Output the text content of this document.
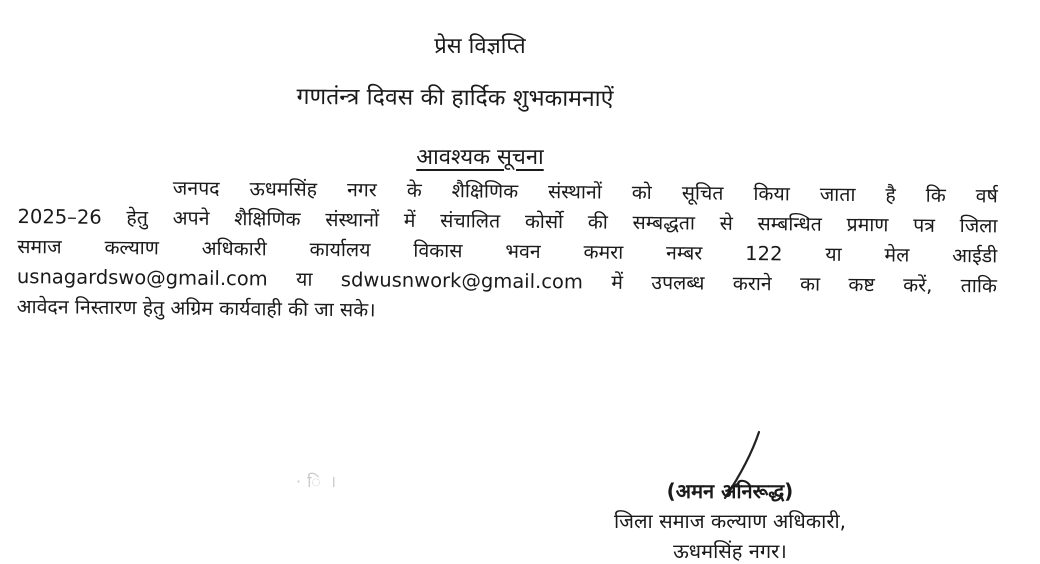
प्रेस विज्ञप्ति
गणतंन्त्र दिवस की हार्दिक शुभकामनाऐं
आवश्यक सूचना
जनपद ऊधमसिंह नगर के शैक्षिणिक संस्थानों को सूचित किया जाता है कि वर्ष
2025–26 हेतु अपने शैक्षिणिक संस्थानों में संचालित कोर्सो की सम्बद्धता से सम्बन्धित प्रमाण पत्र जिला
समाज कल्याण अधिकारी कार्यालय विकास भवन कमरा नम्बर 122 या मेल आईडी
usnagardswo@gmail.com या sdwusnwork@gmail.com में उपलब्ध कराने का कष्ट करें, ताकि
आवेदन निस्तारण हेतु अग्रिम कार्यवाही की जा सके।
· ि ।	(अमन अनिरूद्ध)
जिला समाज कल्याण अधिकारी,
ऊधमसिंह नगर।
